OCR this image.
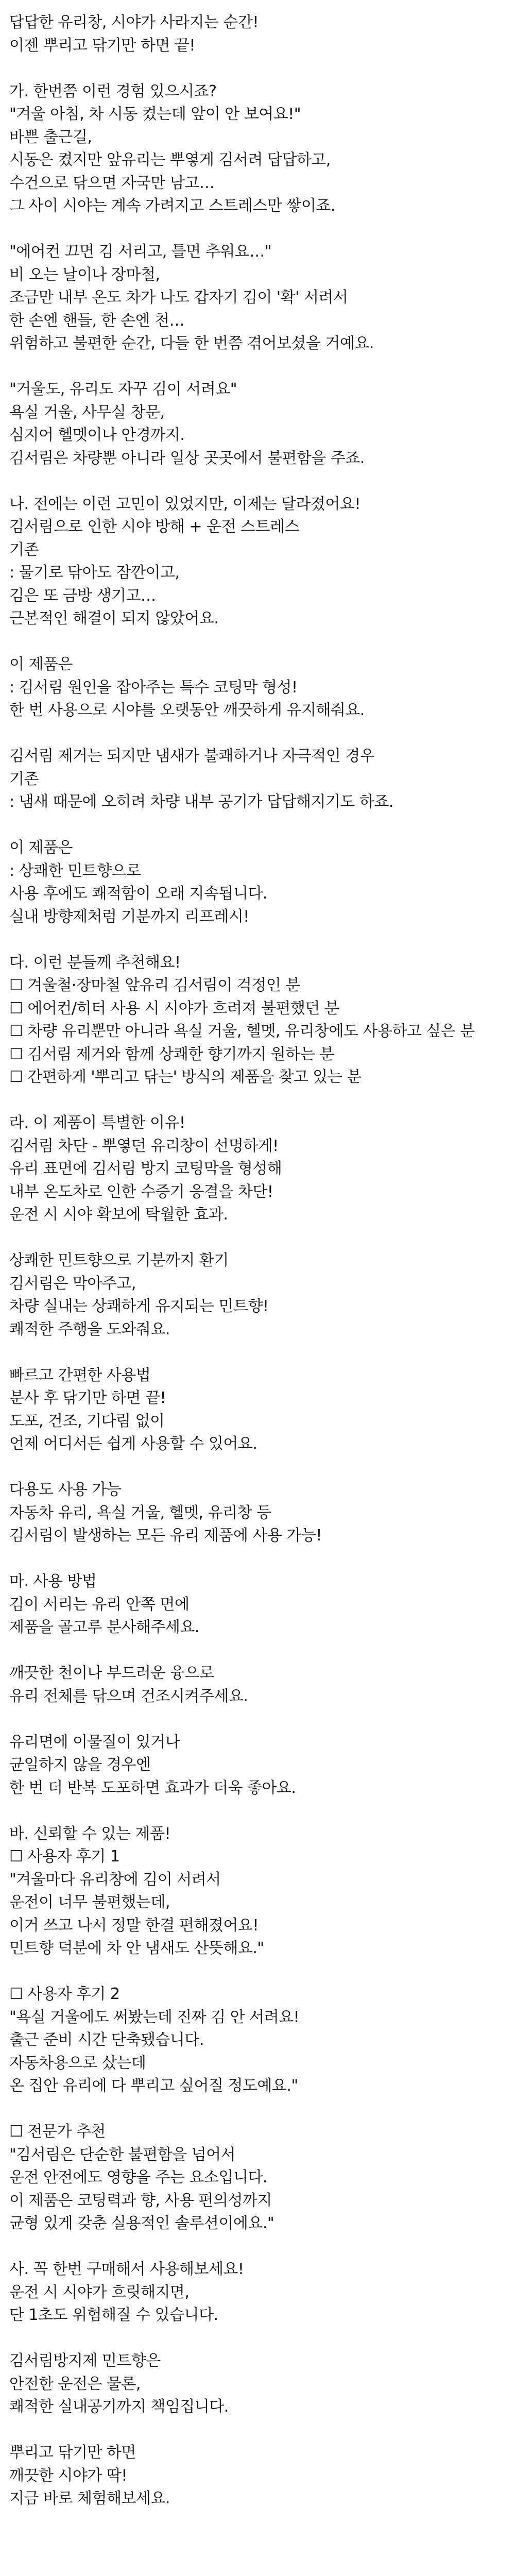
답답한 유리창, 시야가 사라지는 순간!
이젠 뿌리고 닦기만 하면 끝!
가. 한번쯤 이런 경험 있으시죠?
"겨울 아침, 차 시동 켰는데 앞이 안 보여요!"
바쁜 출근길,
시동은 켰지만 앞유리는 뿌옇게 김서려 답답하고,
수건으로 닦으면 자국만 남고…
그 사이 시야는 계속 가려지고 스트레스만 쌓이죠.
"에어컨 끄면 김 서리고, 틀면 추워요…"
비 오는 날이나 장마철,
조금만 내부 온도 차가 나도 갑자기 김이 '확' 서려서
한 손엔 핸들, 한 손엔 천…
위험하고 불편한 순간, 다들 한 번쯤 겪어보셨을 거예요.
"거울도, 유리도 자꾸 김이 서려요"
욕실 거울, 사무실 창문,
심지어 헬멧이나 안경까지.
김서림은 차량뿐 아니라 일상 곳곳에서 불편함을 주죠.
나. 전에는 이런 고민이 있었지만, 이제는 달라졌어요!
김서림으로 인한 시야 방해 + 운전 스트레스
기존
: 물기로 닦아도 잠깐이고,
김은 또 금방 생기고…
근본적인 해결이 되지 않았어요.
이 제품은
: 김서림 원인을 잡아주는 특수 코팅막 형성!
한 번 사용으로 시야를 오랫동안 깨끗하게 유지해줘요.
김서림 제거는 되지만 냄새가 불쾌하거나 자극적인 경우
기존
: 냄새 때문에 오히려 차량 내부 공기가 답답해지기도 하죠.
이 제품은
: 상쾌한 민트향으로
사용 후에도 쾌적함이 오래 지속됩니다.
실내 방향제처럼 기분까지 리프레시!
다. 이런 분들께 추천해요!
☐ 겨울철·장마철 앞유리 김서림이 걱정인 분
☐ 에어컨/히터 사용 시 시야가 흐려져 불편했던 분
☐ 차량 유리뿐만 아니라 욕실 거울, 헬멧, 유리창에도 사용하고 싶은 분
☐ 김서림 제거와 함께 상쾌한 향기까지 원하는 분
☐ 간편하게 '뿌리고 닦는' 방식의 제품을 찾고 있는 분
라. 이 제품이 특별한 이유!
김서림 차단 - 뿌옇던 유리창이 선명하게!
유리 표면에 김서림 방지 코팅막을 형성해
내부 온도차로 인한 수증기 응결을 차단!
운전 시 시야 확보에 탁월한 효과.
상쾌한 민트향으로 기분까지 환기
김서림은 막아주고,
차량 실내는 상쾌하게 유지되는 민트향!
쾌적한 주행을 도와줘요.
빠르고 간편한 사용법
분사 후 닦기만 하면 끝!
도포, 건조, 기다림 없이
언제 어디서든 쉽게 사용할 수 있어요.
다용도 사용 가능
자동차 유리, 욕실 거울, 헬멧, 유리창 등
김서림이 발생하는 모든 유리 제품에 사용 가능!
마. 사용 방법
김이 서리는 유리 안쪽 면에
제품을 골고루 분사해주세요.
깨끗한 천이나 부드러운 융으로
유리 전체를 닦으며 건조시켜주세요.
유리면에 이물질이 있거나
균일하지 않을 경우엔
한 번 더 반복 도포하면 효과가 더욱 좋아요.
바. 신뢰할 수 있는 제품!
☐ 사용자 후기 1
"겨울마다 유리창에 김이 서려서
운전이 너무 불편했는데,
이거 쓰고 나서 정말 한결 편해졌어요!
민트향 덕분에 차 안 냄새도 산뜻해요."
☐ 사용자 후기 2
"욕실 거울에도 써봤는데 진짜 김 안 서려요!
출근 준비 시간 단축됐습니다.
자동차용으로 샀는데
온 집안 유리에 다 뿌리고 싶어질 정도예요."
☐ 전문가 추천
"김서림은 단순한 불편함을 넘어서
운전 안전에도 영향을 주는 요소입니다.
이 제품은 코팅력과 향, 사용 편의성까지
균형 있게 갖춘 실용적인 솔루션이에요."
사. 꼭 한번 구매해서 사용해보세요!
운전 시 시야가 흐릿해지면,
단 1초도 위험해질 수 있습니다.
김서림방지제 민트향은
안전한 운전은 물론,
쾌적한 실내공기까지 책임집니다.
뿌리고 닦기만 하면
깨끗한 시야가 딱!
지금 바로 체험해보세요.
